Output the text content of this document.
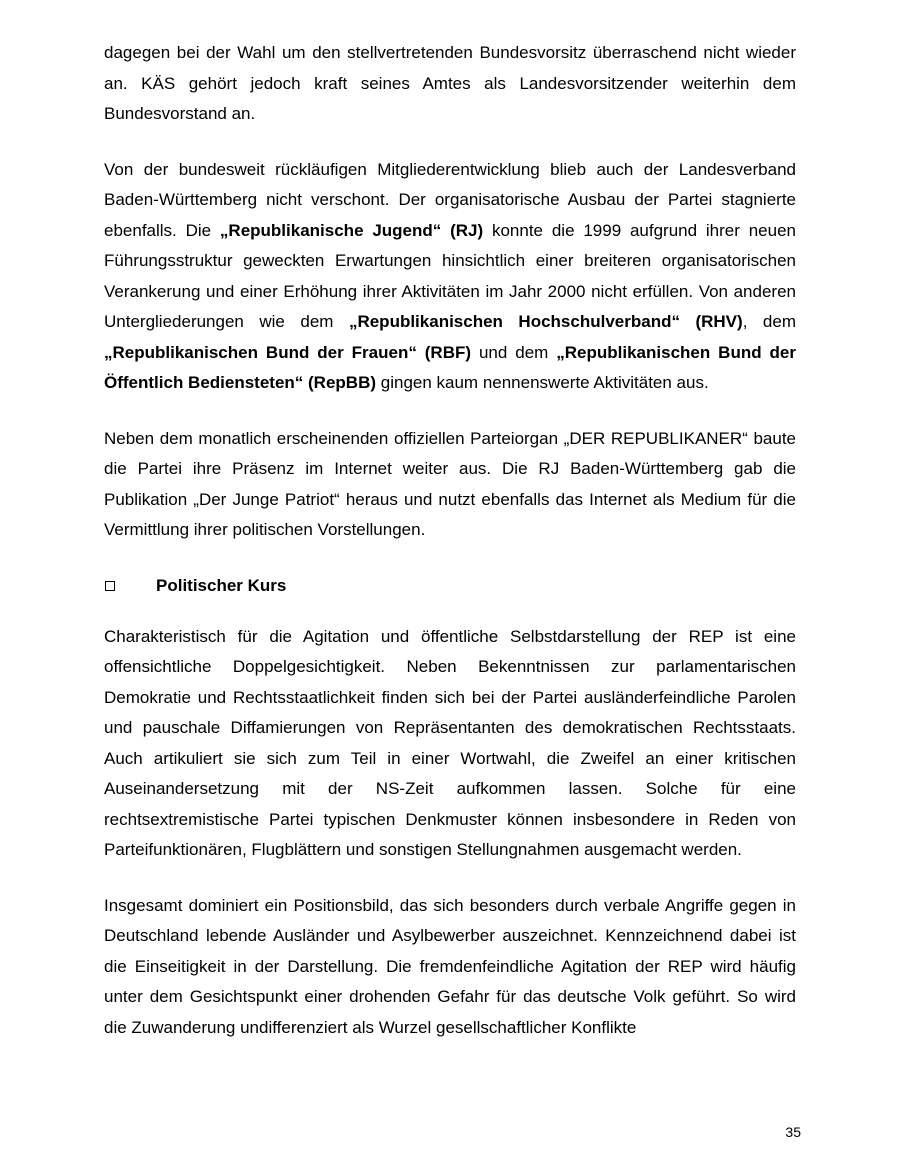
dagegen bei der Wahl um den stellvertretenden Bundesvorsitz überraschend nicht wieder an. KÄS gehört jedoch kraft seines Amtes als Landesvorsitzender weiterhin dem Bundesvorstand an.

Von der bundesweit rückläufigen Mitgliederentwicklung blieb auch der Landesverband Baden-Württemberg nicht verschont. Der organisatorische Ausbau der Partei stagnierte ebenfalls. Die „Republikanische Jugend“ (RJ) konnte die 1999 aufgrund ihrer neuen Führungsstruktur geweckten Erwartungen hinsichtlich einer breiteren organisatorischen Verankerung und einer Erhöhung ihrer Aktivitäten im Jahr 2000 nicht erfüllen. Von anderen Untergliederungen wie dem „Republikanischen Hochschulverband“ (RHV), dem „Republikanischen Bund der Frauen“ (RBF) und dem „Republikanischen Bund der Öffentlich Bediensteten“ (RepBB) gingen kaum nennenswerte Aktivitäten aus.

Neben dem monatlich erscheinenden offiziellen Parteiorgan „DER REPUBLIKANER“ baute die Partei ihre Präsenz im Internet weiter aus. Die RJ Baden-Württemberg gab die Publikation „Der Junge Patriot“ heraus und nutzt ebenfalls das Internet als Medium für die Vermittlung ihrer politischen Vorstellungen.

Politischer Kurs

Charakteristisch für die Agitation und öffentliche Selbstdarstellung der REP ist eine offensichtliche Doppelgesichtigkeit. Neben Bekenntnissen zur parlamentarischen Demokratie und Rechtsstaatlichkeit finden sich bei der Partei ausländerfeindliche Parolen und pauschale Diffamierungen von Repräsentanten des demokratischen Rechtsstaats. Auch artikuliert sie sich zum Teil in einer Wortwahl, die Zweifel an einer kritischen Auseinandersetzung mit der NS-Zeit aufkommen lassen. Solche für eine rechtsextremistische Partei typischen Denkmuster können insbesondere in Reden von Parteifunktionären, Flugblättern und sonstigen Stellungnahmen ausgemacht werden.

Insgesamt dominiert ein Positionsbild, das sich besonders durch verbale Angriffe gegen in Deutschland lebende Ausländer und Asylbewerber auszeichnet. Kennzeichnend dabei ist die Einseitigkeit in der Darstellung. Die fremdenfeindliche Agitation der REP wird häufig unter dem Gesichtspunkt einer drohenden Gefahr für das deutsche Volk geführt. So wird die Zuwanderung undifferenziert als Wurzel gesellschaftlicher Konflikte

35
